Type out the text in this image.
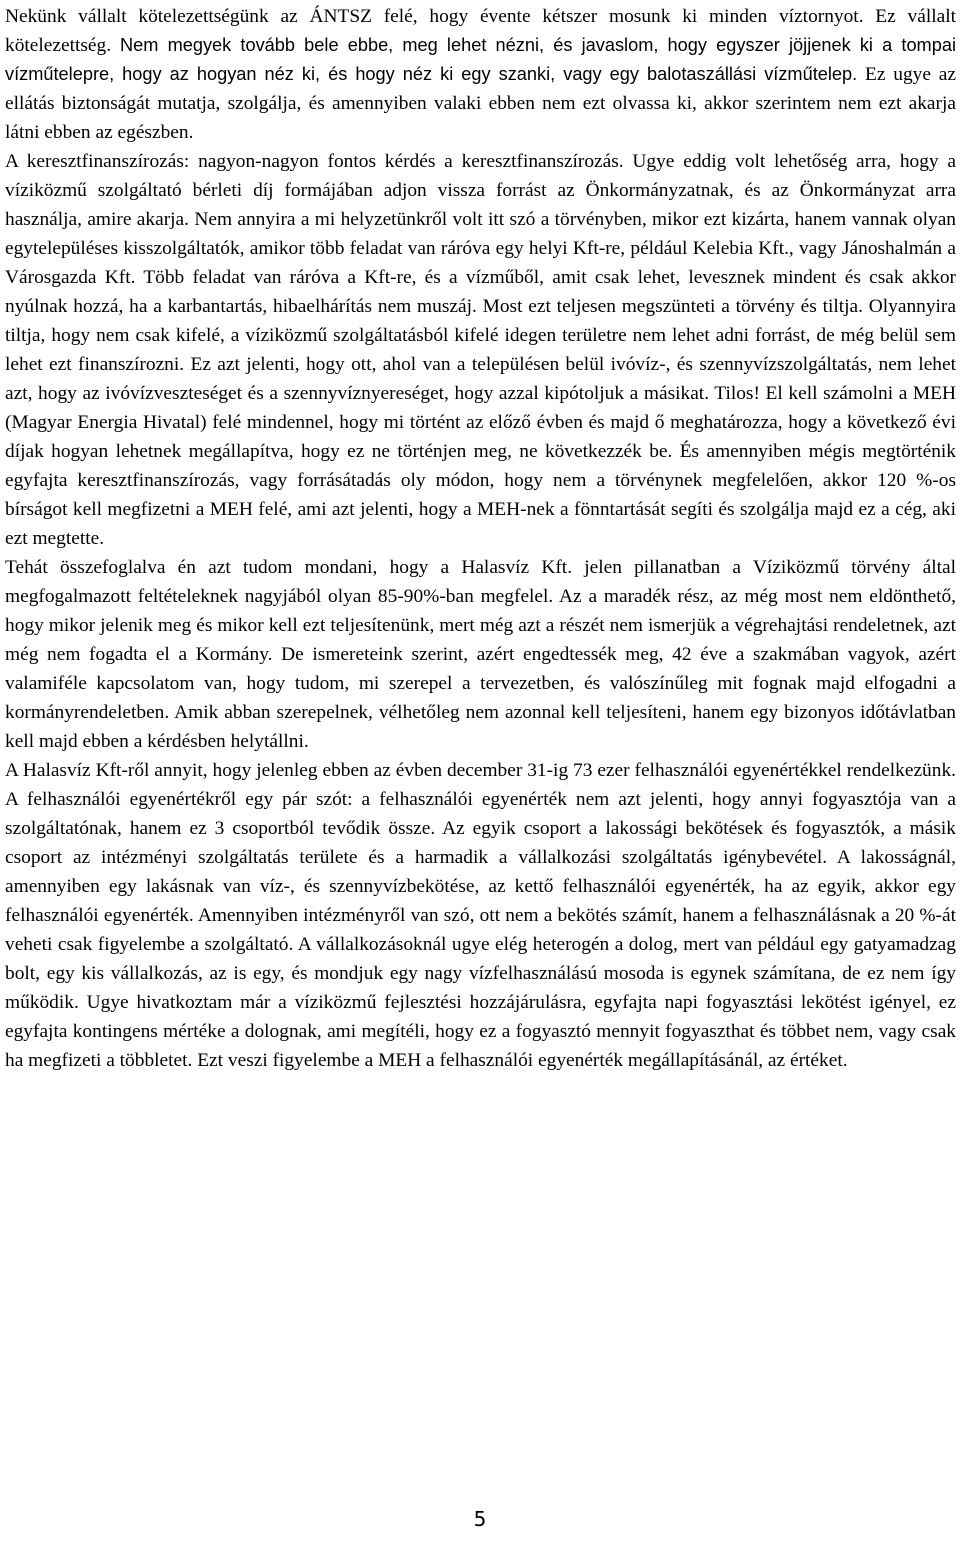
Nekünk vállalt kötelezettségünk az ÁNTSZ felé, hogy évente kétszer mosunk ki minden víztornyot. Ez vállalt kötelezettség. Nem megyek tovább bele ebbe, meg lehet nézni, és javaslom, hogy egyszer jöjjenek ki a tompai vízműtelepre, hogy az hogyan néz ki, és hogy néz ki egy szanki, vagy egy balotaszállási vízműtelep. Ez ugye az ellátás biztonságát mutatja, szolgálja, és amennyiben valaki ebben nem ezt olvassa ki, akkor szerintem nem ezt akarja látni ebben az egészben.

A keresztfinanszírozás: nagyon-nagyon fontos kérdés a keresztfinanszírozás. Ugye eddig volt lehetőség arra, hogy a víziközmű szolgáltató bérleti díj formájában adjon vissza forrást az Önkormányzatnak, és az Önkormányzat arra használja, amire akarja. Nem annyira a mi helyzetünkről volt itt szó a törvényben, mikor ezt kizárta, hanem vannak olyan egytelepüléses kisszolgáltatók, amikor több feladat van ráróva egy helyi Kft-re, például Kelebia Kft., vagy Jánoshalmán a Városgazda Kft. Több feladat van ráróva a Kft-re, és a vízműből, amit csak lehet, levesznek mindent és csak akkor nyúlnak hozzá, ha a karbantartás, hibaelhárítás nem muszáj. Most ezt teljesen megszünteti a törvény és tiltja. Olyannyira tiltja, hogy nem csak kifelé, a víziközmű szolgáltatásból kifelé idegen területre nem lehet adni forrást, de még belül sem lehet ezt finanszírozni. Ez azt jelenti, hogy ott, ahol van a településen belül ivóvíz-, és szennyvízszolgáltatás, nem lehet azt, hogy az ivóvízveszteséget és a szennyvíznyereséget, hogy azzal kipótoljuk a másikat. Tilos! El kell számolni a MEH (Magyar Energia Hivatal) felé mindennel, hogy mi történt az előző évben és majd ő meghatározza, hogy a következő évi díjak hogyan lehetnek megállapítva, hogy ez ne történjen meg, ne következzék be. És amennyiben mégis megtörténik egyfajta keresztfinanszírozás, vagy forrásátadás oly módon, hogy nem a törvénynek megfelelően, akkor 120 %-os bírságot kell megfizetni a MEH felé, ami azt jelenti, hogy a MEH-nek a fönntartását segíti és szolgálja majd ez a cég, aki ezt megtette.

Tehát összefoglalva én azt tudom mondani, hogy a Halasvíz Kft. jelen pillanatban a Víziközmű törvény által megfogalmazott feltételeknek nagyjából olyan 85-90%-ban megfelel. Az a maradék rész, az még most nem eldönthető, hogy mikor jelenik meg és mikor kell ezt teljesítenünk, mert még azt a részét nem ismerjük a végrehajtási rendeletnek, azt még nem fogadta el a Kormány. De ismereteink szerint, azért engedtessék meg, 42 éve a szakmában vagyok, azért valamiféle kapcsolatom van, hogy tudom, mi szerepel a tervezetben, és valószínűleg mit fognak majd elfogadni a kormányrendeletben. Amik abban szerepelnek, vélhetőleg nem azonnal kell teljesíteni, hanem egy bizonyos időtávlatban kell majd ebben a kérdésben helytállni.

A Halasvíz Kft-ről annyit, hogy jelenleg ebben az évben december 31-ig 73 ezer felhasználói egyenértékkel rendelkezünk. A felhasználói egyenértékről egy pár szót: a felhasználói egyenérték nem azt jelenti, hogy annyi fogyasztója van a szolgáltatónak, hanem ez 3 csoportból tevődik össze. Az egyik csoport a lakossági bekötések és fogyasztók, a másik csoport az intézményi szolgáltatás területe és a harmadik a vállalkozási szolgáltatás igénybevétel. A lakosságnál, amennyiben egy lakásnak van víz-, és szennyvízbekötése, az kettő felhasználói egyenérték, ha az egyik, akkor egy felhasználói egyenérték. Amennyiben intézményről van szó, ott nem a bekötés számít, hanem a felhasználásnak a 20 %-át veheti csak figyelembe a szolgáltató. A vállalkozásoknál ugye elég heterogén a dolog, mert van például egy gatyamadzag bolt, egy kis vállalkozás, az is egy, és mondjuk egy nagy vízfelhasználású mosoda is egynek számítana, de ez nem így működik. Ugye hivatkoztam már a víziközmű fejlesztési hozzájárulásra, egyfajta napi fogyasztási lekötést igényel, ez egyfajta kontingens mértéke a dolognak, ami megítéli, hogy ez a fogyasztó mennyit fogyaszthat és többet nem, vagy csak ha megfizeti a többletet. Ezt veszi figyelembe a MEH a felhasználói egyenérték megállapításánál, az értéket.

5
